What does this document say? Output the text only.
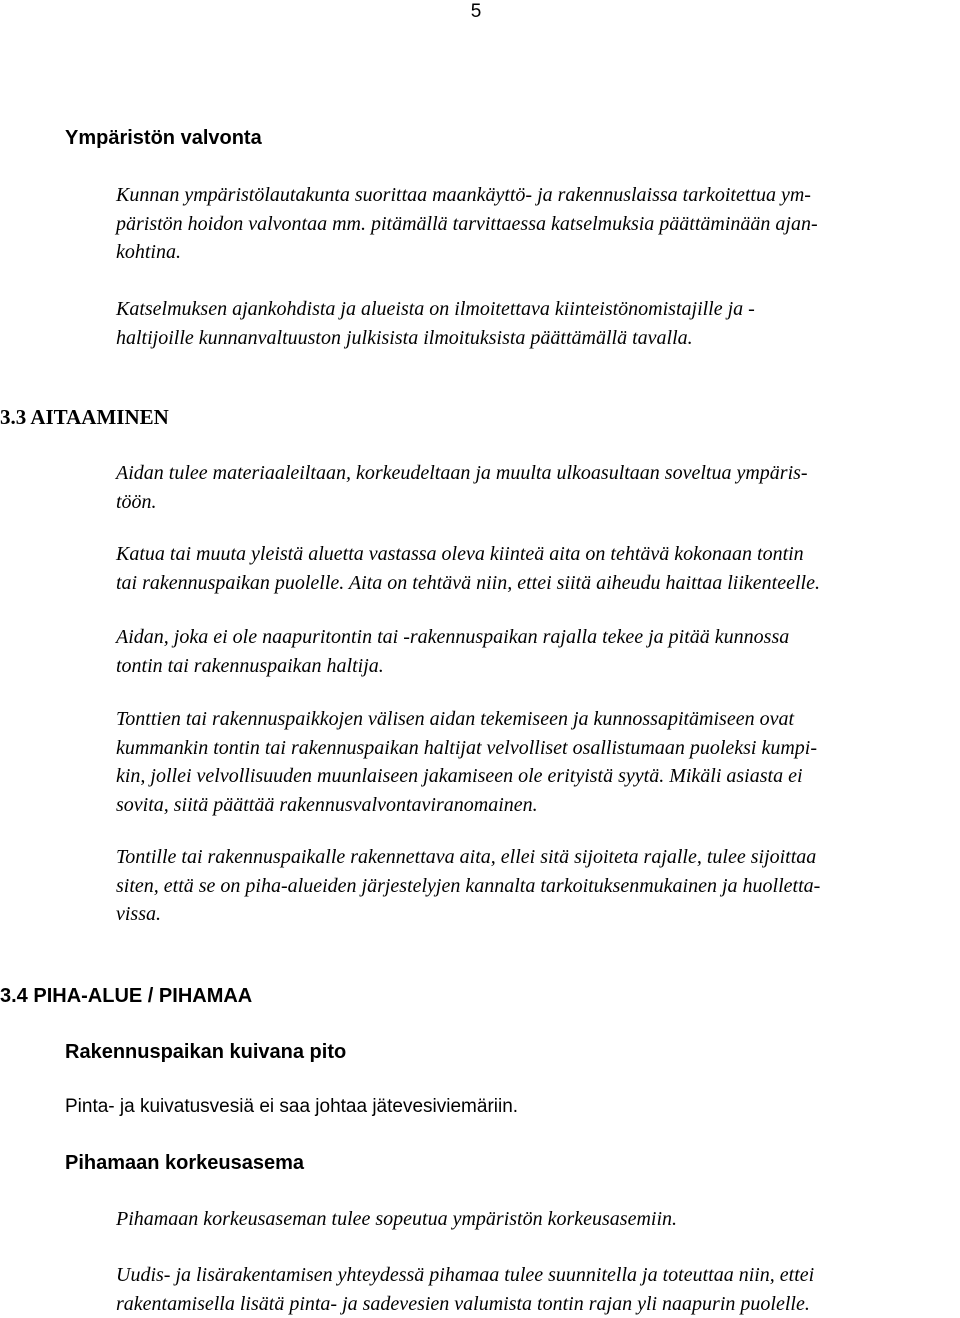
5
Ympäristön valvonta

Kunnan ympäristölautakunta suorittaa maankäyttö- ja rakennuslaissa tarkoitettua ym-
päristön hoidon valvontaa mm. pitämällä tarvittaessa katselmuksia päättäminään ajan-
kohtina.

Katselmuksen ajankohdista ja alueista on ilmoitettava kiinteistönomistajille ja -
haltijoille kunnanvaltuuston julkisista ilmoituksista päättämällä tavalla.

3.3 AITAAMINEN

Aidan tulee materiaaleiltaan, korkeudeltaan ja muulta ulkoasultaan soveltua ympäris-
töön.

Katua tai muuta yleistä aluetta vastassa oleva kiinteä aita on tehtävä kokonaan tontin
tai rakennuspaikan puolelle. Aita on tehtävä niin, ettei siitä aiheudu haittaa liikenteelle.

Aidan, joka ei ole naapuritontin tai -rakennuspaikan rajalla tekee ja pitää kunnossa
tontin tai rakennuspaikan haltija.

Tonttien tai rakennuspaikkojen välisen aidan tekemiseen ja kunnossapitämiseen ovat
kummankin tontin tai rakennuspaikan haltijat velvolliset osallistumaan puoleksi kumpi-
kin, jollei velvollisuuden muunlaiseen jakamiseen ole erityistä syytä. Mikäli asiasta ei
sovita, siitä päättää rakennusvalvontaviranomainen.

Tontille tai rakennuspaikalle rakennettava aita, ellei sitä sijoiteta rajalle, tulee sijoittaa
siten, että se on piha-alueiden järjestelyjen kannalta tarkoituksenmukainen ja huolletta-
vissa.

3.4 PIHA-ALUE / PIHAMAA
Rakennuspaikan kuivana pito

Pinta- ja kuivatusvesiä ei saa johtaa jätevesiviemäriin.

Pihamaan korkeusasema

Pihamaan korkeusaseman tulee sopeutua ympäristön korkeusasemiin.

Uudis- ja lisärakentamisen yhteydessä pihamaa tulee suunnitella ja toteuttaa niin, ettei
rakentamisella lisätä pinta- ja sadevesien valumista tontin rajan yli naapurin puolelle.
